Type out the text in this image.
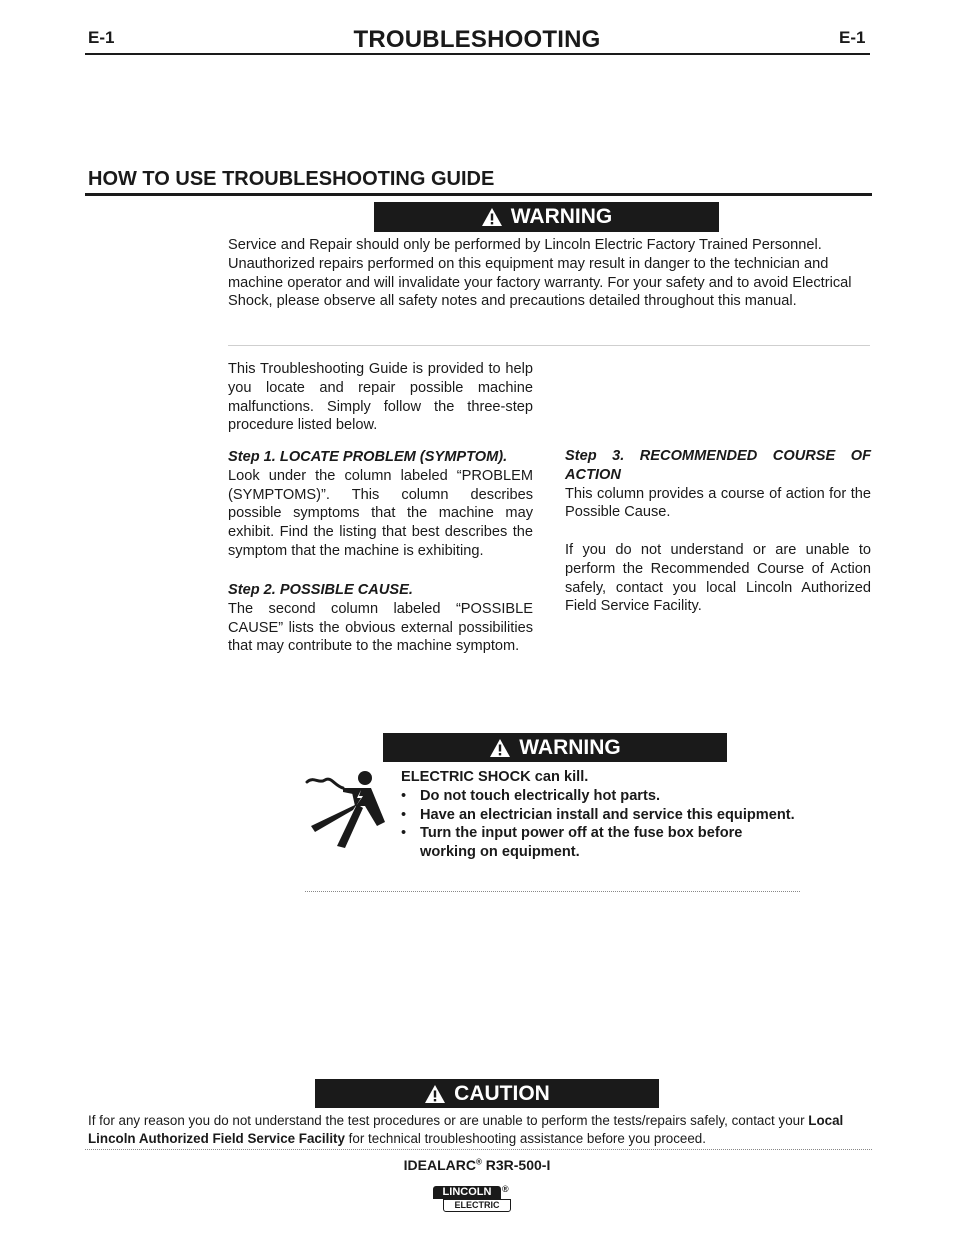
E-1	TROUBLESHOOTING	E-1
HOW TO USE TROUBLESHOOTING GUIDE
WARNING

Service and Repair should only be performed by Lincoln Electric Factory Trained Personnel. Unauthorized repairs performed on this equipment may result in danger to the technician and machine operator and will invalidate your factory warranty. For your safety and to avoid Electrical Shock, please observe all safety notes and precautions detailed throughout this manual.

This Troubleshooting Guide is provided to help you locate and repair possible machine malfunctions. Simply follow the three-step procedure listed below.

Step 1. LOCATE PROBLEM (SYMPTOM).

Look under the column labeled “PROBLEM (SYMPTOMS)”. This column describes possible symptoms that the machine may exhibit. Find the listing that best describes the symptom that the machine is exhibiting.

Step 2. POSSIBLE CAUSE.

The second column labeled “POSSIBLE CAUSE” lists the obvious external possibilities that may contribute to the machine symptom.

Step 3. RECOMMENDED COURSE OF ACTION

This column provides a course of action for the Possible Cause.

If you do not understand or are unable to perform the Recommended Course of Action safely, contact you local Lincoln Authorized Field Service Facility.

WARNING
ELECTRIC SHOCK can kill.
• Do not touch electrically hot parts.
• Have an electrician install and service this equipment.
• Turn the input power off at the fuse box before working on equipment.
CAUTION
If for any reason you do not understand the test procedures or are unable to perform the tests/repairs safely, contact your Local Lincoln Authorized Field Service Facility for technical troubleshooting assistance before you proceed.
IDEALARC® R3R-500-I
LINCOLN
ELECTRIC
®
